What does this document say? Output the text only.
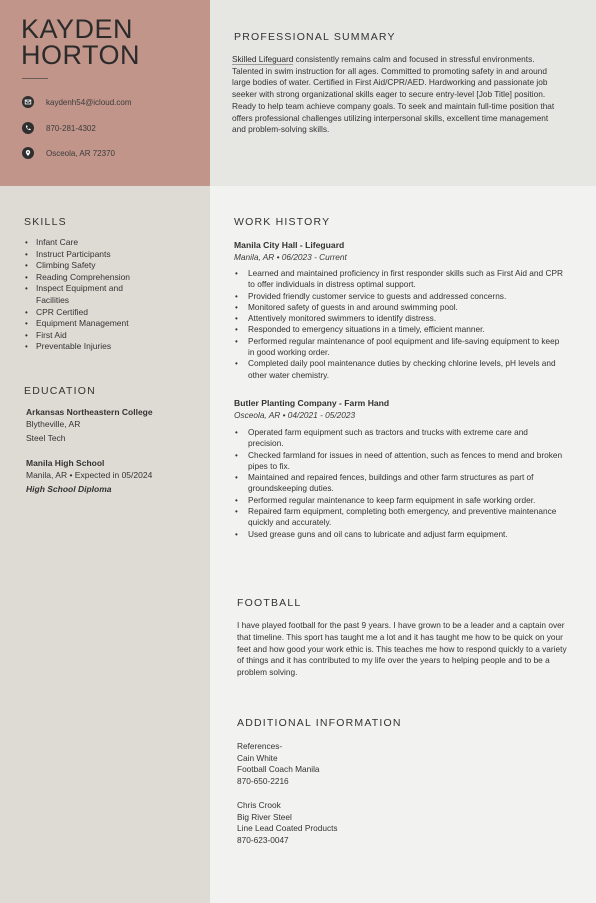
KAYDEN
HORTON
kaydenh54@icloud.com
870-281-4302
Osceola, AR 72370
SKILLS
• Infant Care
• Instruct Participants
• Climbing Safety
• Reading Comprehension
• Inspect Equipment and Facilities
• CPR Certified
• Equipment Management
• First Aid
• Preventable Injuries
EDUCATION
Arkansas Northeastern College
Blytheville, AR
Steel Tech
Manila High School
Manila, AR • Expected in 05/2024
High School Diploma
PROFESSIONAL SUMMARY
Skilled Lifeguard consistently remains calm and focused in stressful environments. Talented in swim instruction for all ages. Committed to promoting safety in and around large bodies of water. Certified in First Aid/CPR/AED. Hardworking and passionate job seeker with strong organizational skills eager to secure entry-level [Job Title] position. Ready to help team achieve company goals. To seek and maintain full-time position that offers professional challenges utilizing interpersonal skills, excellent time management and problem-solving skills.
WORK HISTORY
Manila City Hall - Lifeguard
Manila, AR • 06/2023 - Current
• Learned and maintained proficiency in first responder skills such as First Aid and CPR to offer individuals in distress optimal support.
• Provided friendly customer service to guests and addressed concerns.
• Monitored safety of guests in and around swimming pool.
• Attentively monitored swimmers to identify distress.
• Responded to emergency situations in a timely, efficient manner.
• Performed regular maintenance of pool equipment and life-saving equipment to keep in good working order.
• Completed daily pool maintenance duties by checking chlorine levels, pH levels and other water chemistry.
Butler Planting Company - Farm Hand
Osceola, AR • 04/2021 - 05/2023
• Operated farm equipment such as tractors and trucks with extreme care and precision.
• Checked farmland for issues in need of attention, such as fences to mend and broken pipes to fix.
• Maintained and repaired fences, buildings and other farm structures as part of groundskeeping duties.
• Performed regular maintenance to keep farm equipment in safe working order.
• Repaired farm equipment, completing both emergency, and preventive maintenance quickly and accurately.
• Used grease guns and oil cans to lubricate and adjust farm equipment.
FOOTBALL
I have played football for the past 9 years. I have grown to be a leader and a captain over that timeline. This sport has taught me a lot and it has taught me how to be quick on your feet and how good your work ethic is. This teaches me how to respond quickly to a variety of things and it has contributed to my life over the years to helping people and to be a problem solving.
ADDITIONAL INFORMATION
References-
Cain White
Football Coach Manila
870-650-2216
Chris Crook
Big River Steel
Line Lead Coated Products
870-623-0047
